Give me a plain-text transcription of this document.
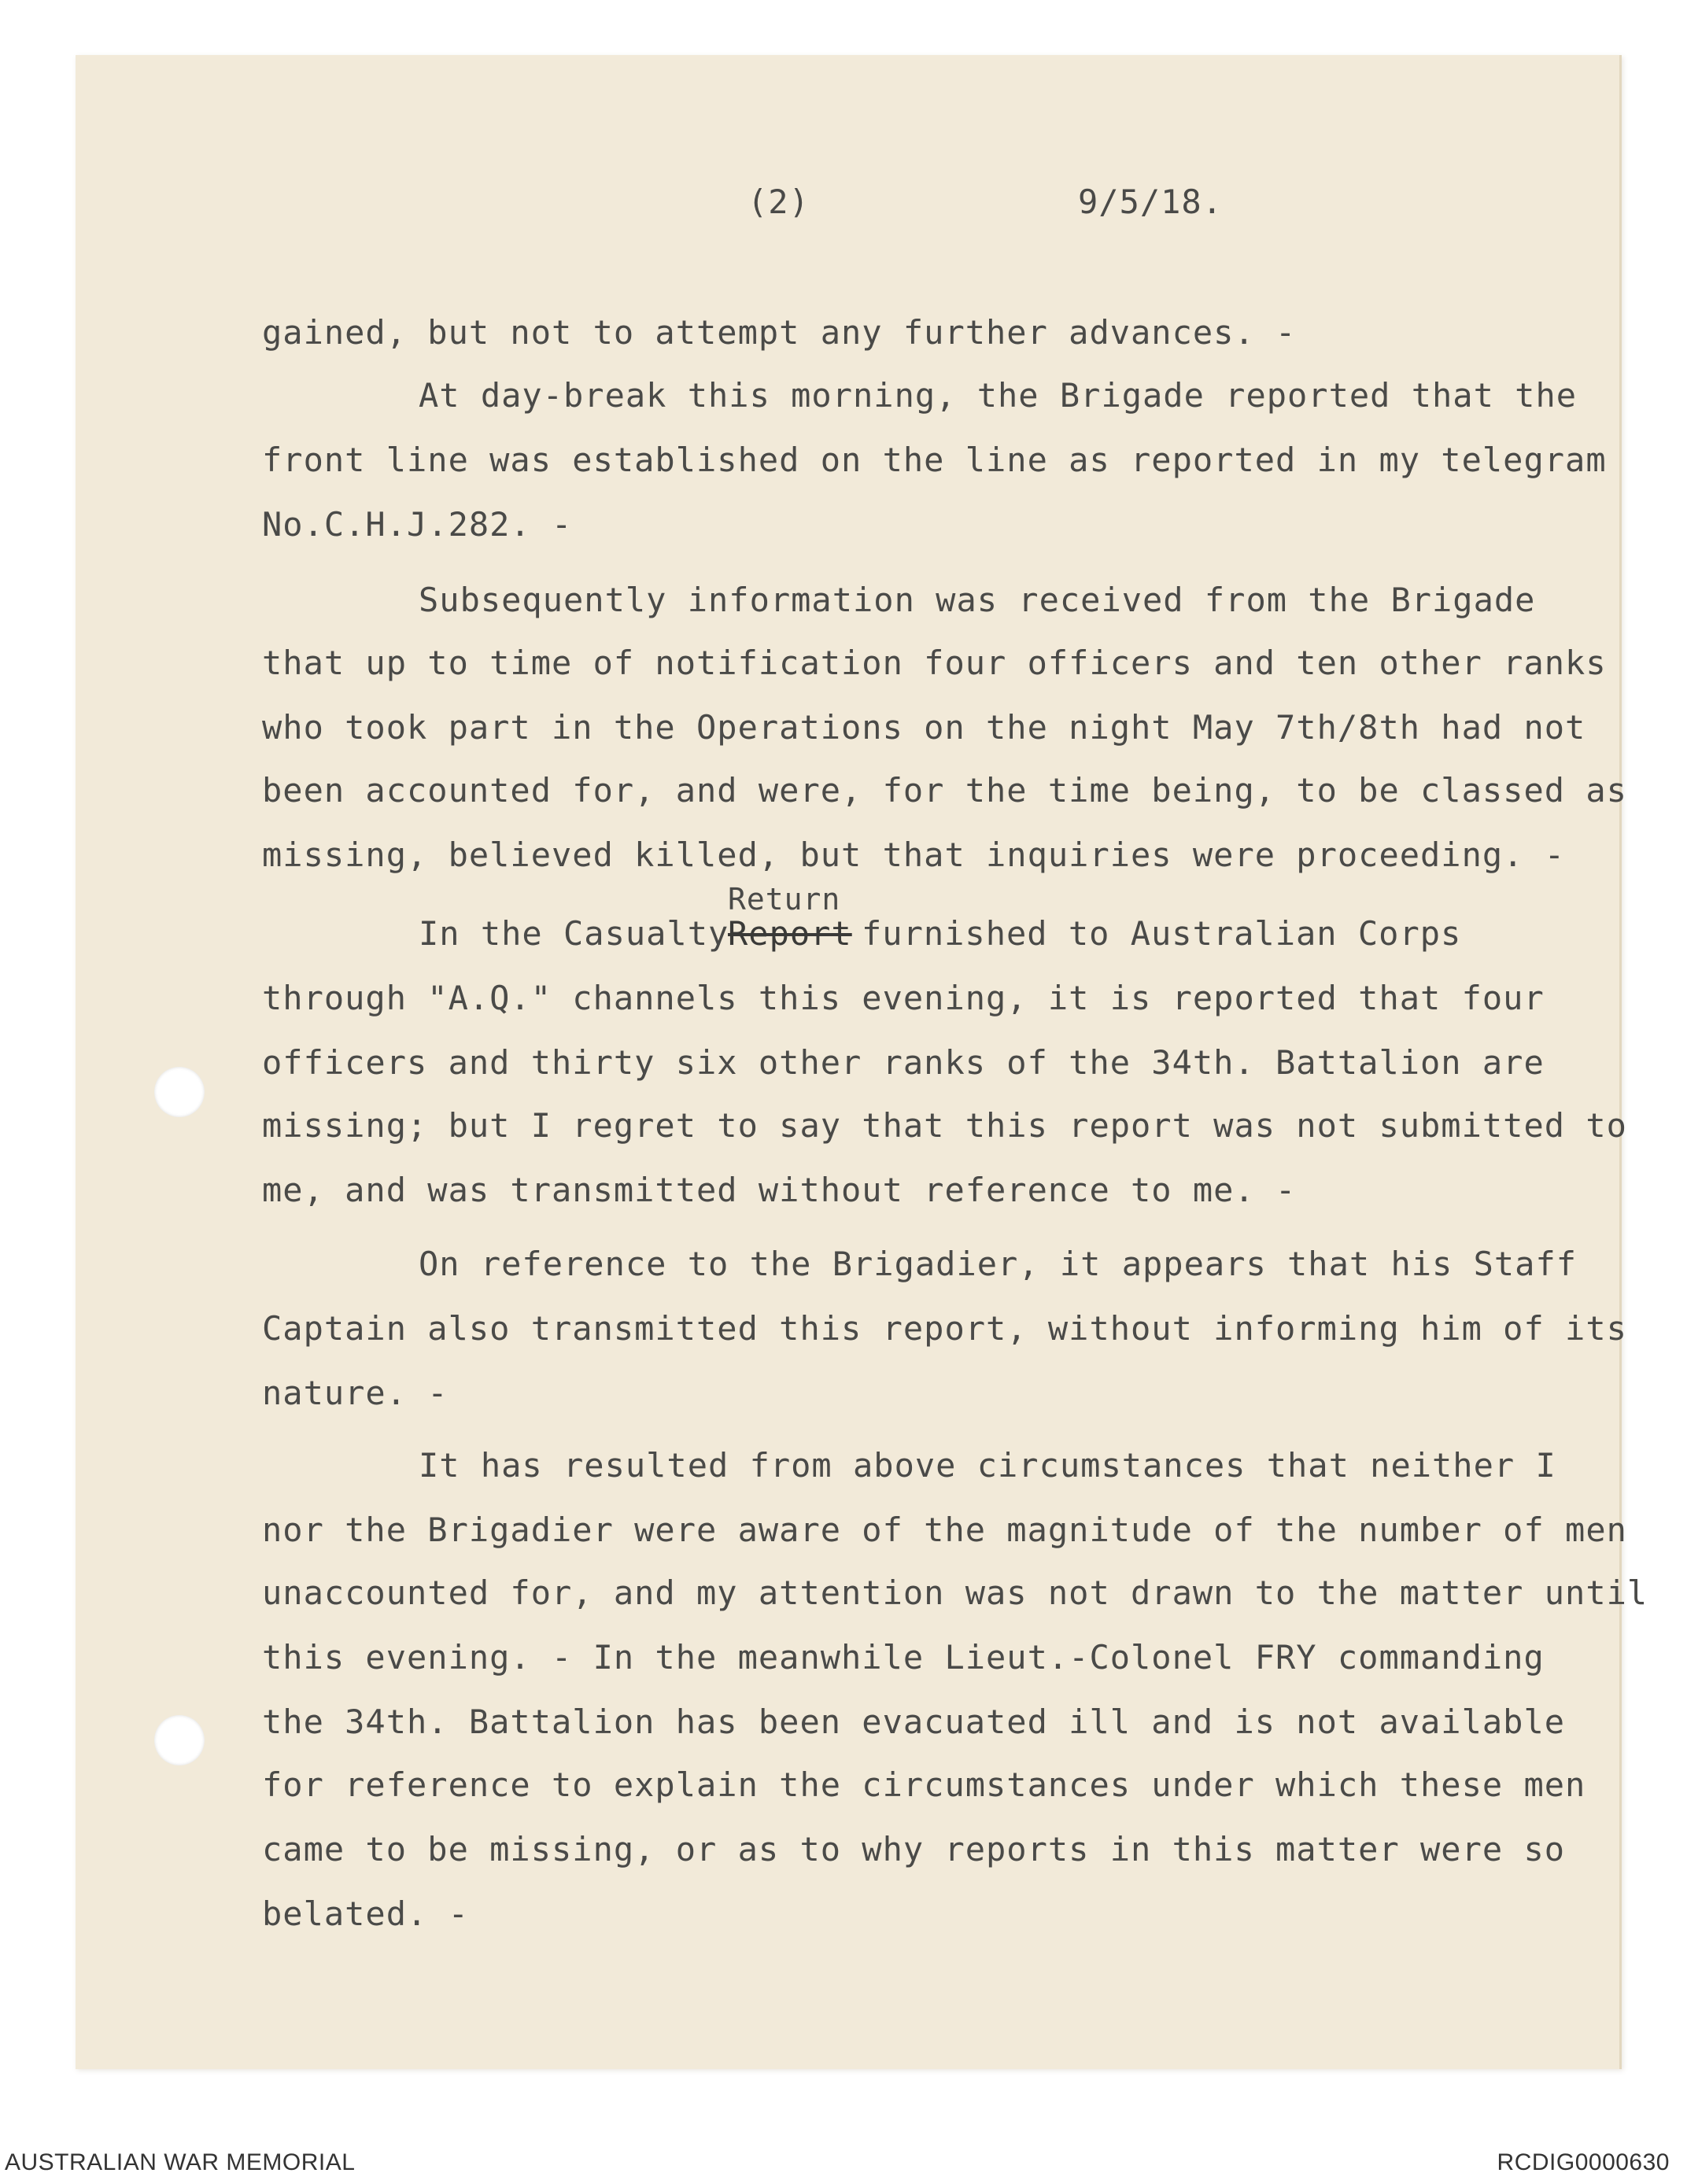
(2)	9/5/18.
gained, but not to attempt any further advances. -
At day-break this morning, the Brigade reported that the
front line was established on the line as reported in my telegram
No.C.H.J.282. -
Subsequently information was received from the Brigade
that up to time of notification four officers and ten other ranks
who took part in the Operations on the night May 7th/8th had not
been accounted for, and were, for the time being, to be classed as
missing, believed killed, but that inquiries were proceeding. -
Return
In the Casualty
Report furnished to Australian Corps
through "A.Q." channels this evening, it is reported that four
officers and thirty six other ranks of the 34th. Battalion are
missing; but I regret to say that this report was not submitted to
me, and was transmitted without reference to me. -
On reference to the Brigadier, it appears that his Staff
Captain also transmitted this report, without informing him of its
nature. -
It has resulted from above circumstances that neither I
nor the Brigadier were aware of the magnitude of the number of men
unaccounted for, and my attention was not drawn to the matter until
this evening. - In the meanwhile Lieut.-Colonel FRY commanding
the 34th. Battalion has been evacuated ill and is not available
for reference to explain the circumstances under which these men
came to be missing, or as to why reports in this matter were so
belated. -
AUSTRALIAN WAR MEMORIAL	RCDIG0000630
